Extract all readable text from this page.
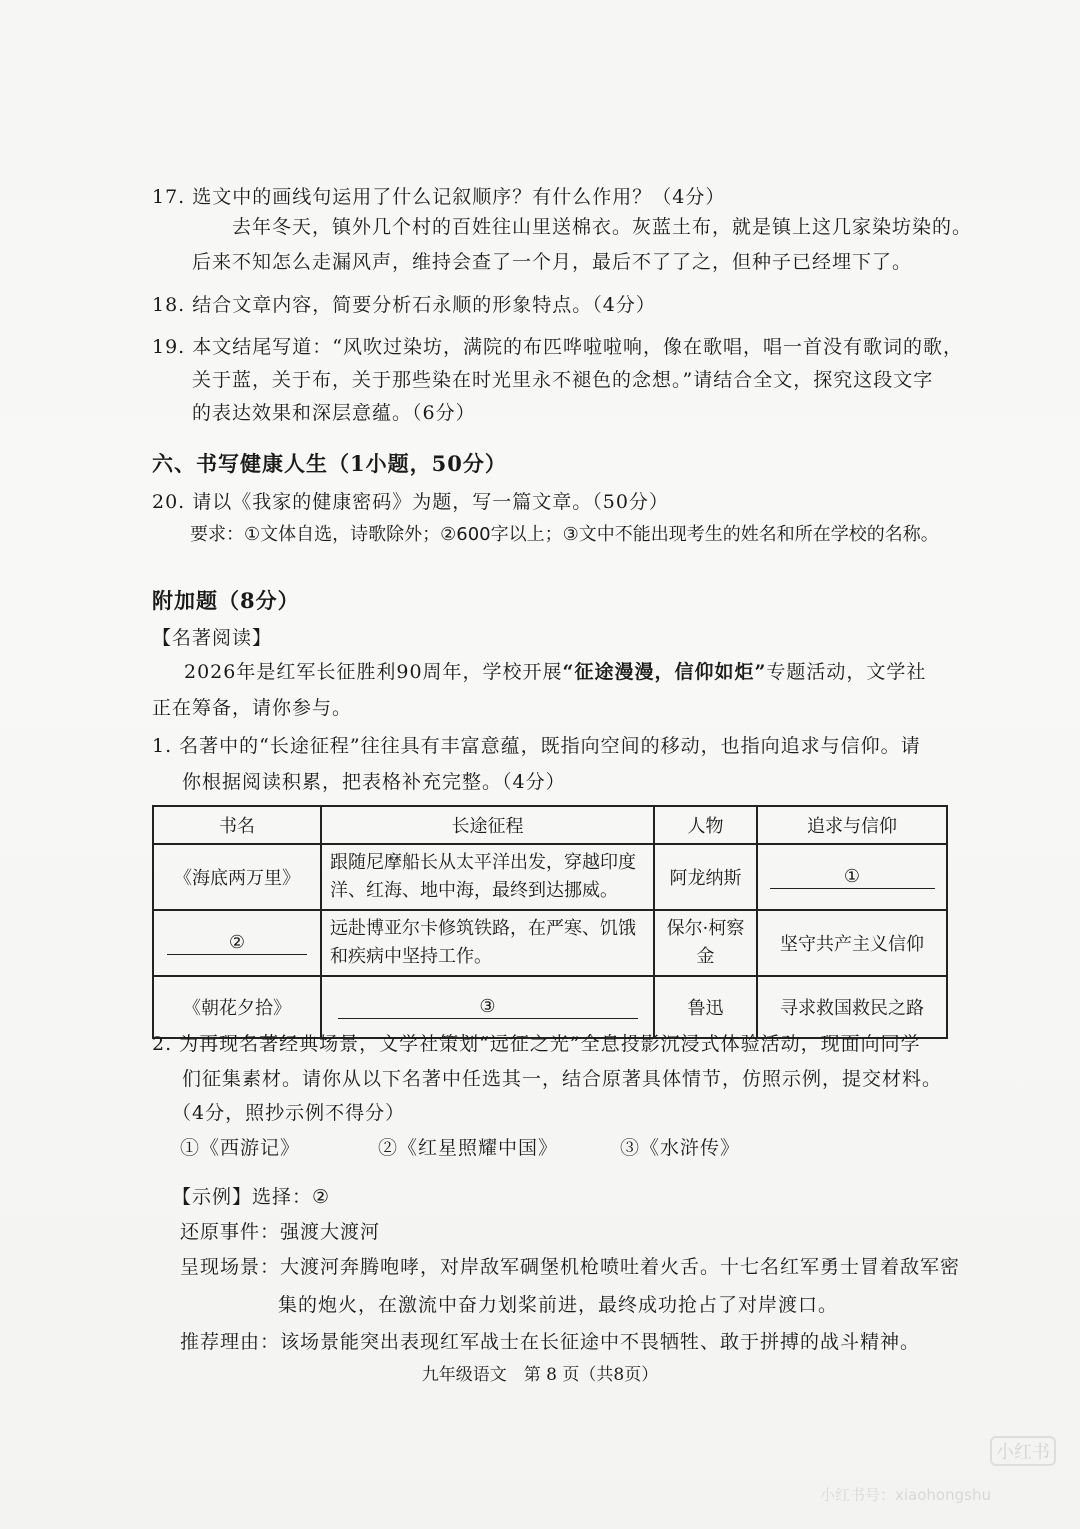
17. 选文中的画线句运用了什么记叙顺序？有什么作用？（4分）
去年冬天，镇外几个村的百姓往山里送棉衣。灰蓝土布，就是镇上这几家染坊染的。
后来不知怎么走漏风声，维持会查了一个月，最后不了了之，但种子已经埋下了。
18. 结合文章内容，简要分析石永顺的形象特点。（4分）
19. 本文结尾写道：“风吹过染坊，满院的布匹哗啦啦响，像在歌唱，唱一首没有歌词的歌，
关于蓝，关于布，关于那些染在时光里永不褪色的念想。”请结合全文，探究这段文字
的表达效果和深层意蕴。（6分）
六、书写健康人生（1小题，50分）
20. 请以《我家的健康密码》为题，写一篇文章。（50分）
要求：①文体自选，诗歌除外；②600字以上；③文中不能出现考生的姓名和所在学校的名称。
附加题（8分）
【名著阅读】
2026年是红军长征胜利90周年，学校开展“征途漫漫，信仰如炬”专题活动，文学社
正在筹备，请你参与。
1. 名著中的“长途征程”往往具有丰富意蕴，既指向空间的移动，也指向追求与信仰。请
你根据阅读积累，把表格补充完整。（4分）
书名	长途征程	人物	追求与信仰
《海底两万里》	跟随尼摩船长从太平洋出发，穿越印度洋、红海、地中海，最终到达挪威。	阿龙纳斯	①
②	远赴博亚尔卡修筑铁路，在严寒、饥饿和疾病中坚持工作。	保尔·柯察金	坚守共产主义信仰
《朝花夕拾》	③	鲁迅	寻求救国救民之路
2. 为再现名著经典场景，文学社策划“远征之光”全息投影沉浸式体验活动，现面向同学
们征集素材。请你从以下名著中任选其一，结合原著具体情节，仿照示例，提交材料。
（4分，照抄示例不得分）
①《西游记》	②《红星照耀中国》	③《水浒传》
【示例】选择：②
还原事件：强渡大渡河
呈现场景：大渡河奔腾咆哮，对岸敌军碉堡机枪喷吐着火舌。十七名红军勇士冒着敌军密
集的炮火，在激流中奋力划桨前进，最终成功抢占了对岸渡口。
推荐理由：该场景能突出表现红军战士在长征途中不畏牺牲、敢于拼搏的战斗精神。
九年级语文　第 8 页（共8页）
小红书
小红书号：xiaohongshu
